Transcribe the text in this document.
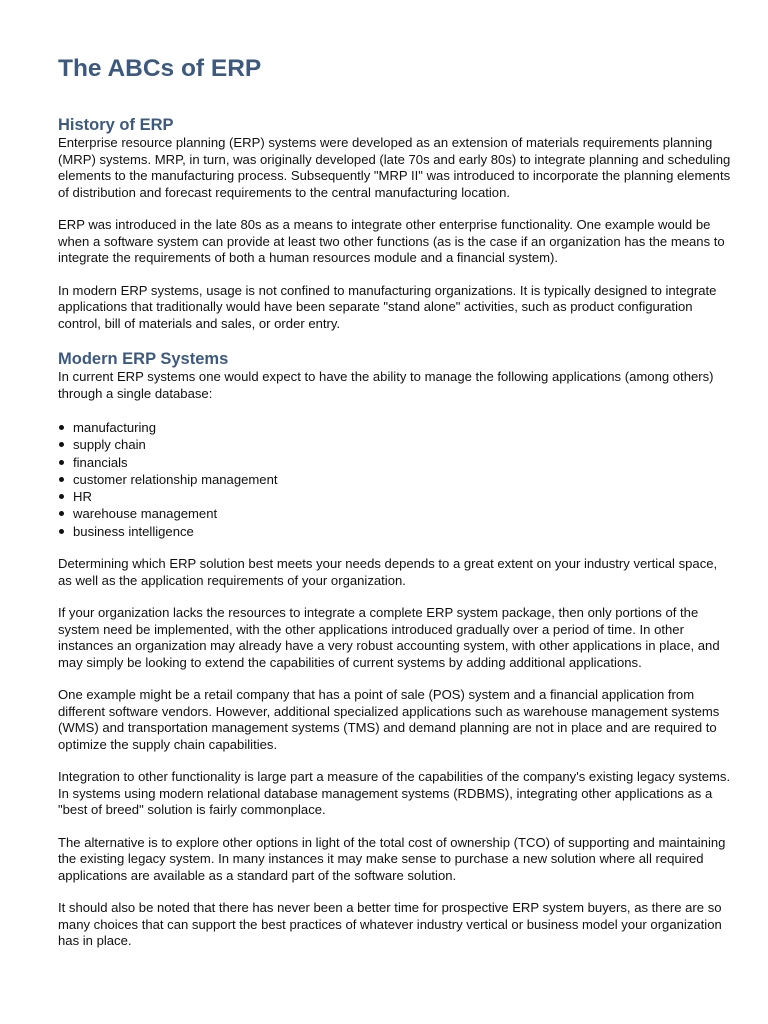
The ABCs of ERP
History of ERP

Enterprise resource planning (ERP) systems were developed as an extension of materials requirements planning (MRP) systems. MRP, in turn, was originally developed (late 70s and early 80s) to integrate planning and scheduling elements to the manufacturing process. Subsequently "MRP II" was introduced to incorporate the planning elements of distribution and forecast requirements to the central manufacturing location.

ERP was introduced in the late 80s as a means to integrate other enterprise functionality. One example would be when a software system can provide at least two other functions (as is the case if an organization has the means to integrate the requirements of both a human resources module and a financial system).

In modern ERP systems, usage is not confined to manufacturing organizations. It is typically designed to integrate applications that traditionally would have been separate "stand alone" activities, such as product configuration control, bill of materials and sales, or order entry.

Modern ERP Systems

In current ERP systems one would expect to have the ability to manage the following applications (among others) through a single database:

manufacturing
supply chain
financials
customer relationship management
HR
warehouse management
business intelligence

Determining which ERP solution best meets your needs depends to a great extent on your industry vertical space, as well as the application requirements of your organization.

If your organization lacks the resources to integrate a complete ERP system package, then only portions of the system need be implemented, with the other applications introduced gradually over a period of time. In other instances an organization may already have a very robust accounting system, with other applications in place, and may simply be looking to extend the capabilities of current systems by adding additional applications.

One example might be a retail company that has a point of sale (POS) system and a financial application from different software vendors. However, additional specialized applications such as warehouse management systems (WMS) and transportation management systems (TMS) and demand planning are not in place and are required to optimize the supply chain capabilities.

Integration to other functionality is large part a measure of the capabilities of the company's existing legacy systems. In systems using modern relational database management systems (RDBMS), integrating other applications as a "best of breed" solution is fairly commonplace.

The alternative is to explore other options in light of the total cost of ownership (TCO) of supporting and maintaining the existing legacy system. In many instances it may make sense to purchase a new solution where all required applications are available as a standard part of the software solution.

It should also be noted that there has never been a better time for prospective ERP system buyers, as there are so many choices that can support the best practices of whatever industry vertical or business model your organization has in place.
